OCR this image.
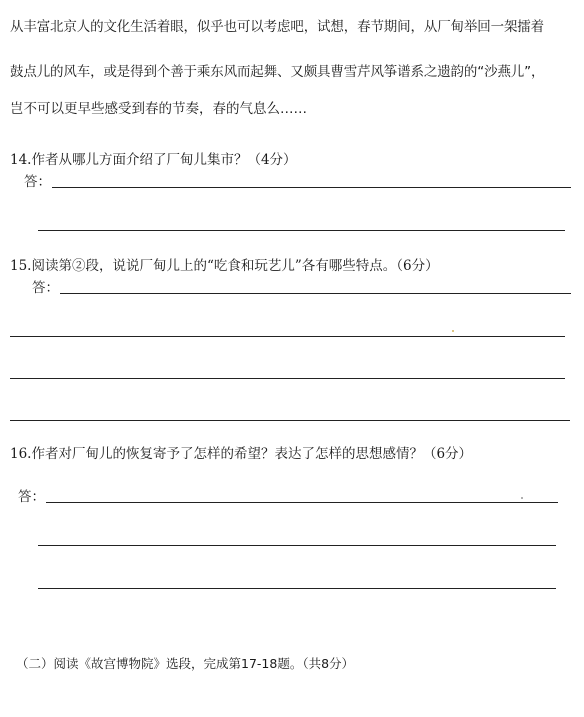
从丰富北京人的文化生活着眼，似乎也可以考虑吧，试想，春节期间，从厂甸举回一架擂着
鼓点儿的风车，或是得到个善于乘东风而起舞、又颇具曹雪芹风筝谱系之遗韵的“沙燕儿”，
岂不可以更早些感受到春的节奏，春的气息么……
14.作者从哪儿方面介绍了厂甸儿集市？（4分）
答：
15.阅读第②段，说说厂甸儿上的“吃食和玩艺儿”各有哪些特点。（6分）
答：
16.作者对厂甸儿的恢复寄予了怎样的希望？表达了怎样的思想感情？（6分）
答：
（二）阅读《故宫博物院》选段，完成第17-18题。（共8分）
